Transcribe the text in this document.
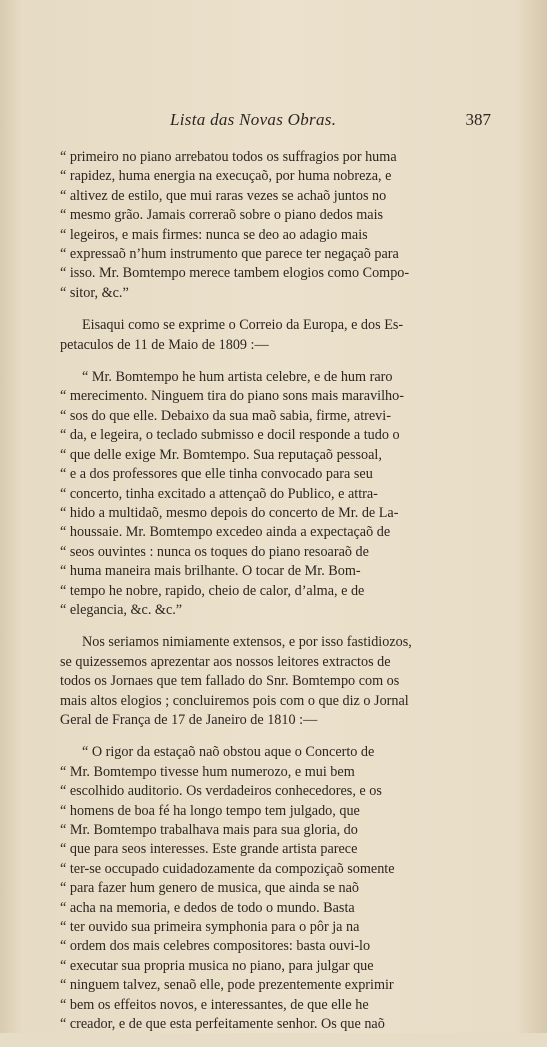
Lista das Novas Obras.	387

“ primeiro no piano arrebatou todos os suffragios por huma
“ rapidez, huma energia na execuçaõ, por huma nobreza, e
“ altivez de estilo, que mui raras vezes se achaõ juntos no
“ mesmo grão. Jamais correraõ sobre o piano dedos mais
“ legeiros, e mais firmes: nunca se deo ao adagio mais
“ expressaõ n’hum instrumento que parece ter negaçaõ para
“ isso. Mr. Bomtempo merece tambem elogios como Compo-
“ sitor, &c.”

Eisaqui como se exprime o Correio da Europa, e dos Es-
petaculos de 11 de Maio de 1809 :—

“ Mr. Bomtempo he hum artista celebre, e de hum raro
“ merecimento. Ninguem tira do piano sons mais maravilho-
“ sos do que elle. Debaixo da sua maõ sabia, firme, atrevi-
“ da, e legeira, o teclado submisso e docil responde a tudo o
“ que delle exige Mr. Bomtempo. Sua reputaçaõ pessoal,
“ e a dos professores que elle tinha convocado para seu
“ concerto, tinha excitado a attençaõ do Publico, e attra-
“ hido a multidaõ, mesmo depois do concerto de Mr. de La-
“ houssaie. Mr. Bomtempo excedeo ainda a expectaçaõ de
“ seos ouvintes : nunca os toques do piano resoaraõ de
“ huma maneira mais brilhante. O tocar de Mr. Bom-
“ tempo he nobre, rapido, cheio de calor, d’alma, e de
“ elegancia, &c. &c.”

Nos seriamos nimiamente extensos, e por isso fastidiozos,
se quizessemos aprezentar aos nossos leitores extractos de
todos os Jornaes que tem fallado do Snr. Bomtempo com os
mais altos elogios ; concluiremos pois com o que diz o Jornal
Geral de França de 17 de Janeiro de 1810 :—

“ O rigor da estaçaõ naõ obstou aque o Concerto de
“ Mr. Bomtempo tivesse hum numerozo, e mui bem
“ escolhido auditorio. Os verdadeiros conhecedores, e os
“ homens de boa fé ha longo tempo tem julgado, que
“ Mr. Bomtempo trabalhava mais para sua gloria, do
“ que para seos interesses. Este grande artista parece
“ ter-se occupado cuidadozamente da compoziçaõ somente
“ para fazer hum genero de musica, que ainda se naõ
“ acha na memoria, e dedos de todo o mundo. Basta
“ ter ouvido sua primeira symphonia para o pôr ja na
“ ordem dos mais celebres compositores: basta ouvi-lo
“ executar sua propria musica no piano, para julgar que
“ ninguem talvez, senaõ elle, pode prezentemente exprimir
“ bem os effeitos novos, e interessantes, de que elle he
“ creador, e de que esta perfeitamente senhor. Os que naõ
